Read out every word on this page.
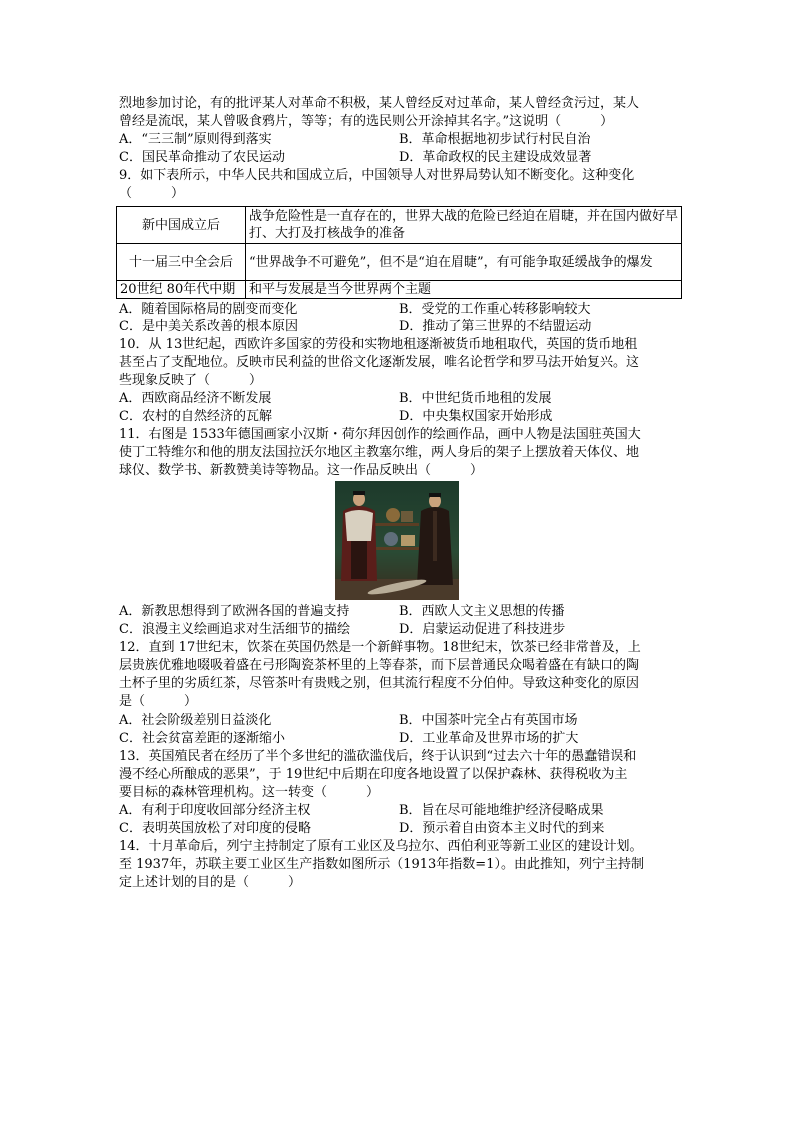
烈地参加讨论，有的批评某人对革命不积极，某人曾经反对过革命，某人曾经贪污过，某人
曾经是流氓，某人曾吸食鸦片，等等；有的选民则公开涂掉其名字。”这说明（　　　）
A．“三三制”原则得到落实	B．革命根据地初步试行村民自治
C．国民革命推动了农民运动	D．革命政权的民主建设成效显著
9．如下表所示，中华人民共和国成立后，中国领导人对世界局势认知不断变化。这种变化
（　　　）
新中国成立后	战争危险性是一直存在的，世界大战的危险已经迫在眉睫，并在国内做好早打、大打及打核战争的准备
十一届三中全会后	“世界战争不可避免”，但不是“迫在眉睫”，有可能争取延缓战争的爆发
20世纪 80年代中期	和平与发展是当今世界两个主题
A．随着国际格局的剧变而变化	B．受党的工作重心转移影响较大
C．是中美关系改善的根本原因	D．推动了第三世界的不结盟运动
10．从 13世纪起，西欧许多国家的劳役和实物地租逐渐被货币地租取代，英国的货币地租
甚至占了支配地位。反映市民利益的世俗文化逐渐发展，唯名论哲学和罗马法开始复兴。这
些现象反映了（　　　）
A．西欧商品经济不断发展	B．中世纪货币地租的发展
C．农村的自然经济的瓦解	D．中央集权国家开始形成
11．右图是 1533年德国画家小汉斯・荷尔拜因创作的绘画作品，画中人物是法国驻英国大
使丁工特维尔和他的朋友法国拉沃尔地区主教塞尔维，两人身后的架子上摆放着天体仪、地
球仪、数学书、新教赞美诗等物品。这一作品反映出（　　　）
A．新教思想得到了欧洲各国的普遍支持	B．西欧人文主义思想的传播
C．浪漫主义绘画追求对生活细节的描绘	D．启蒙运动促进了科技进步
12．直到 17世纪末，饮茶在英国仍然是一个新鲜事物。18世纪末，饮茶已经非常普及，上
层贵族优雅地啜吸着盛在弓形陶瓷茶杯里的上等春茶，而下层普通民众喝着盛在有缺口的陶
土杯子里的劣质红茶，尽管茶叶有贵贱之别，但其流行程度不分伯仲。导致这种变化的原因
是（　　　）
A．社会阶级差别日益淡化	B．中国茶叶完全占有英国市场
C．社会贫富差距的逐渐缩小	D．工业革命及世界市场的扩大
13．英国殖民者在经历了半个多世纪的滥砍滥伐后，终于认识到“过去六十年的愚蠢错误和
漫不经心所酿成的恶果”，于 19世纪中后期在印度各地设置了以保护森林、获得税收为主
要目标的森林管理机构。这一转变（　　　）
A．有利于印度收回部分经济主权	B．旨在尽可能地维护经济侵略成果
C．表明英国放松了对印度的侵略	D．预示着自由资本主义时代的到来
14．十月革命后，列宁主持制定了原有工业区及乌拉尔、西伯利亚等新工业区的建设计划。
至 1937年，苏联主要工业区生产指数如图所示（1913年指数=1）。由此推知，列宁主持制
定上述计划的目的是（　　　）
